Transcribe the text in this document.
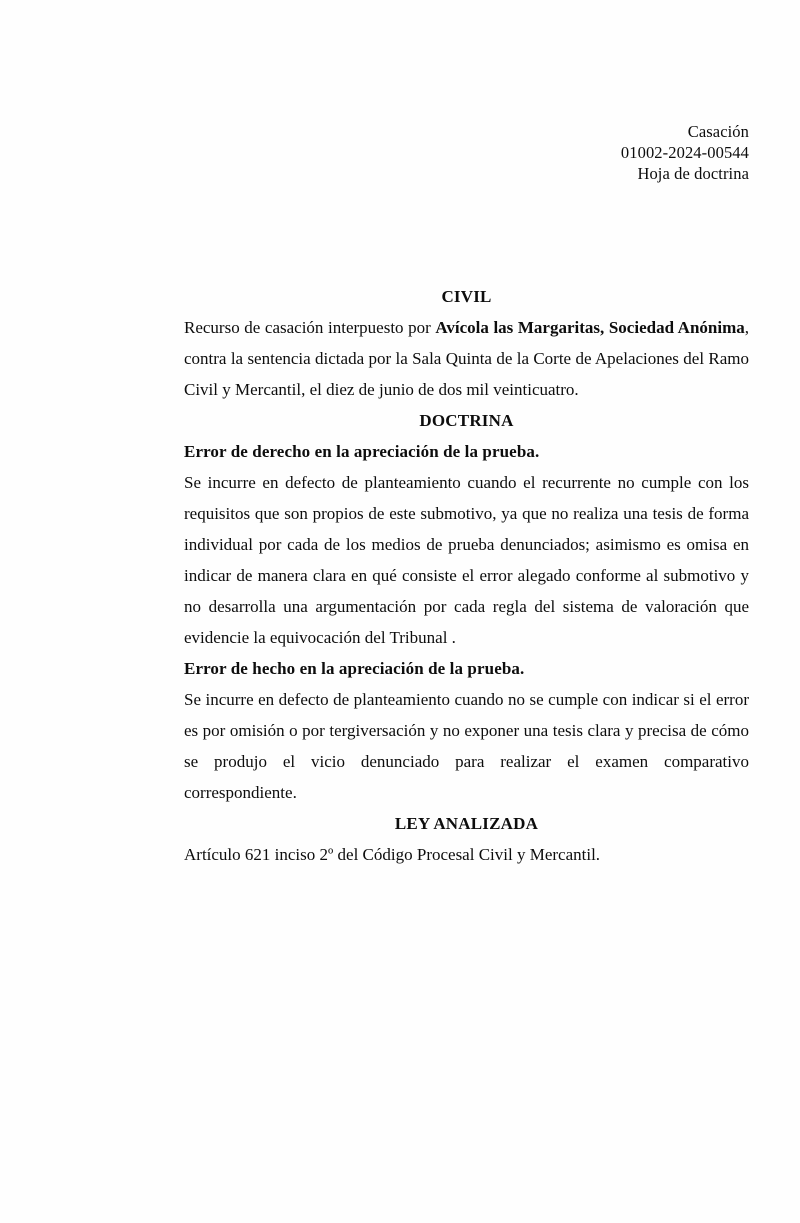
Casación
01002-2024-00544
Hoja de doctrina
CIVIL

Recurso de casación interpuesto por Avícola las Margaritas, Sociedad Anónima, contra la sentencia dictada por la Sala Quinta de la Corte de Apelaciones del Ramo Civil y Mercantil, el diez de junio de dos mil veinticuatro.

DOCTRINA
Error de derecho en la apreciación de la prueba.

Se incurre en defecto de planteamiento cuando el recurrente no cumple con los requisitos que son propios de este submotivo, ya que no realiza una tesis de forma individual por cada de los medios de prueba denunciados; asimismo es omisa en indicar de manera clara en qué consiste el error alegado conforme al submotivo y no desarrolla una argumentación por cada regla del sistema de valoración que evidencie la equivocación del Tribunal .

Error de hecho en la apreciación de la prueba.

Se incurre en defecto de planteamiento cuando no se cumple con indicar si el error es por omisión o por tergiversación y no exponer una tesis clara y precisa de cómo se produjo el vicio denunciado para realizar el examen comparativo correspondiente.

LEY ANALIZADA

Artículo 621 inciso 2º del Código Procesal Civil y Mercantil.
